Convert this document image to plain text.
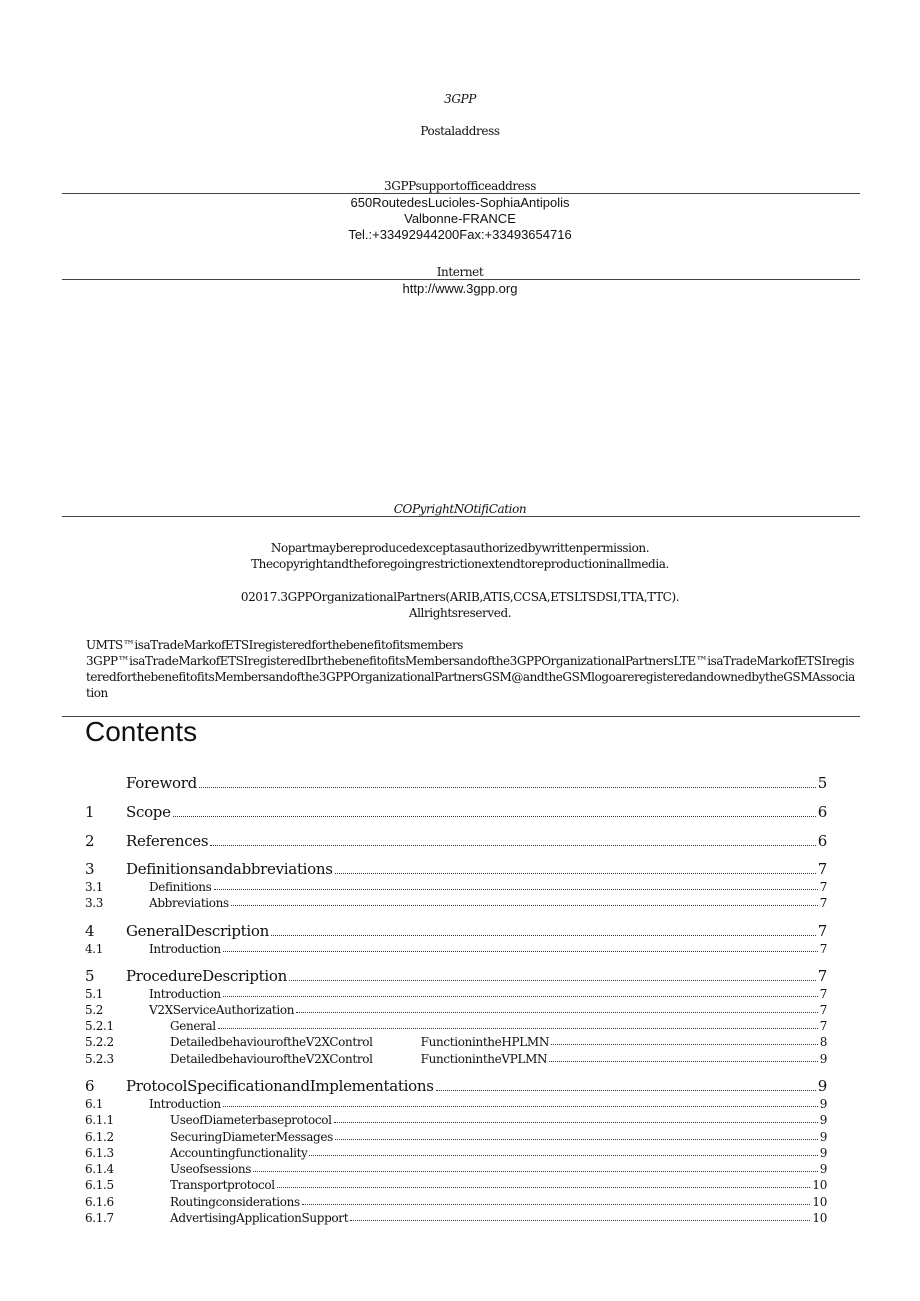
3GPP
Postaladdress
3GPPsupportofficeaddress
650RoutedesLucioles-SophiaAntipolis
Valbonne-FRANCE
Tel.:+33492944200Fax:+33493654716
Internet
http://www.3gpp.org
COPyrightNOtifiCation
Nopartmaybereproducedexceptasauthorizedbywrittenpermission.
Thecopyrightandtheforegoingrestrictionextendtoreproductioninallmedia.
02017.3GPPOrganizationalPartners(ARIB,ATIS,CCSA,ETSLTSDSI,TTA,TTC).
Allrightsreserved.
UMTS™isaTradeMarkofETSIregisteredforthebenefitofitsmembers
3GPP™isaTradeMarkofETSIregisteredIbrthebenefitofitsMembersandofthe3GPPOrganizationalPartnersLTE™isaTradeMarkofETSIregisteredforthebenefitofitsMembersandofthe3GPPOrganizationalPartnersGSM@andtheGSMlogoareregisteredandownedbytheGSMAssociation
Contents
Foreword	5
1	Scope	6
2	References	6
3	Definitionsandabbreviations	7
3.1	Definitions	7
3.3	Abbreviations	7
4	GeneralDescription	7
4.1	Introduction	7
5	ProcedureDescription	7
5.1	Introduction	7
5.2	V2XServiceAuthorization	7
5.2.1	General	7
5.2.2	DetailedbehaviouroftheV2XControl	FunctionintheHPLMN	8
5.2.3	DetailedbehaviouroftheV2XControl	FunctionintheVPLMN	9
6	ProtocolSpecificationandImplementations	9
6.1	Introduction	9
6.1.1	UseofDiameterbaseprotocol	9
6.1.2	SecuringDiameterMessages	9
6.1.3	Accountingfunctionality	9
6.1.4	Useofsessions	9
6.1.5	Transportprotocol	10
6.1.6	Routingconsiderations	10
6.1.7	AdvertisingApplicationSupport	10
